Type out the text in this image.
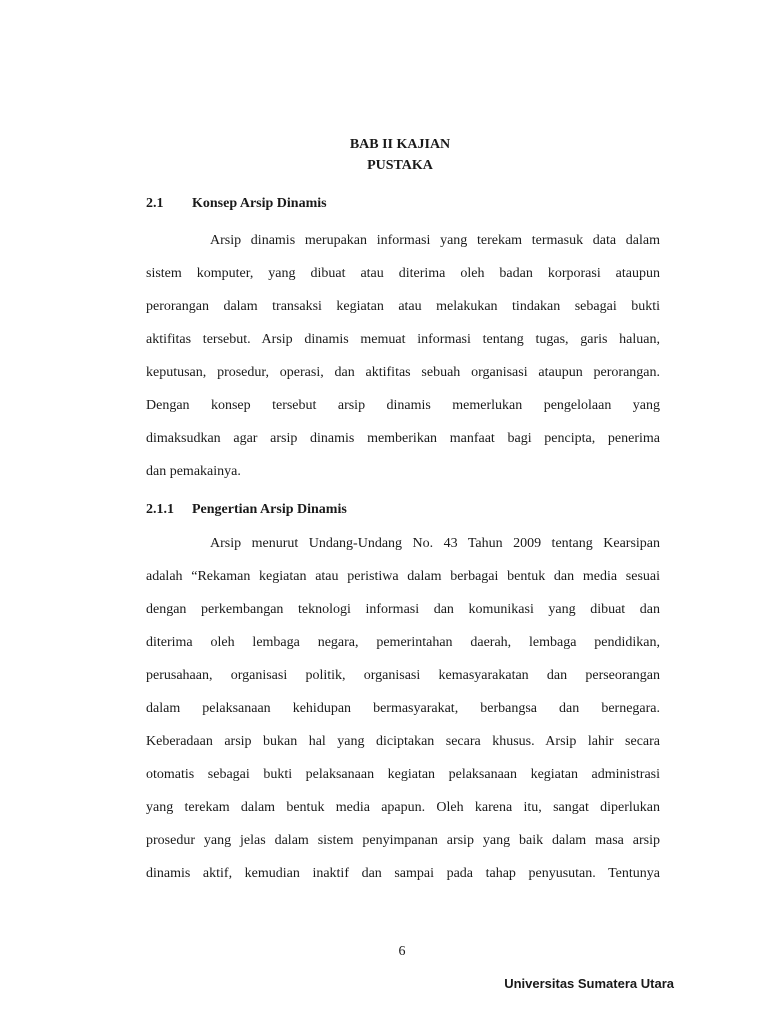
BAB II KAJIAN
PUSTAKA
2.1 Konsep Arsip Dinamis
Arsip dinamis merupakan informasi yang terekam termasuk data dalam
sistem komputer, yang dibuat atau diterima oleh badan korporasi ataupun
perorangan dalam transaksi kegiatan atau melakukan tindakan sebagai bukti
aktifitas tersebut. Arsip dinamis memuat informasi tentang tugas, garis haluan,
keputusan, prosedur, operasi, dan aktifitas sebuah organisasi ataupun perorangan.
Dengan konsep tersebut arsip dinamis memerlukan pengelolaan yang
dimaksudkan agar arsip dinamis memberikan manfaat bagi pencipta, penerima
dan pemakainya.
2.1.1 Pengertian Arsip Dinamis
Arsip menurut Undang-Undang No. 43 Tahun 2009 tentang Kearsipan
adalah “Rekaman kegiatan atau peristiwa dalam berbagai bentuk dan media sesuai
dengan perkembangan teknologi informasi dan komunikasi yang dibuat dan
diterima oleh lembaga negara, pemerintahan daerah, lembaga pendidikan,
perusahaan, organisasi politik, organisasi kemasyarakatan dan perseorangan
dalam pelaksanaan kehidupan bermasyarakat, berbangsa dan bernegara.
Keberadaan arsip bukan hal yang diciptakan secara khusus. Arsip lahir secara
otomatis sebagai bukti pelaksanaan kegiatan pelaksanaan kegiatan administrasi
yang terekam dalam bentuk media apapun. Oleh karena itu, sangat diperlukan
prosedur yang jelas dalam sistem penyimpanan arsip yang baik dalam masa arsip
dinamis aktif, kemudian inaktif dan sampai pada tahap penyusutan. Tentunya
6
Universitas Sumatera Utara
